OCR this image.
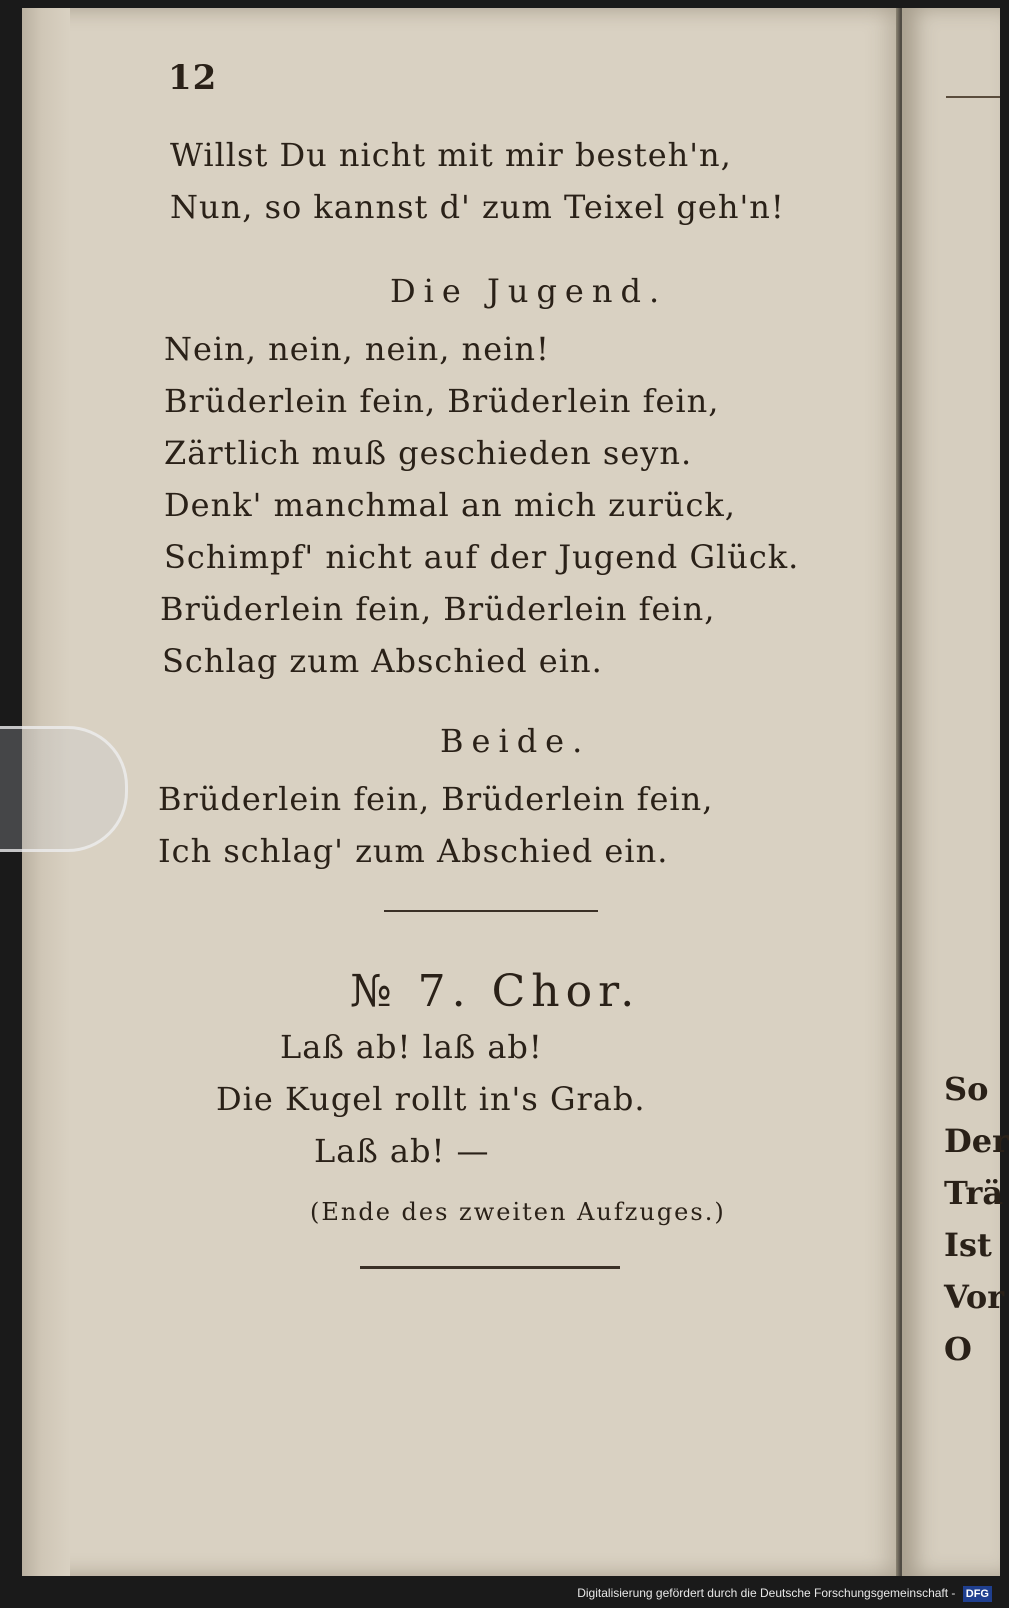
12
Willst Du nicht mit mir besteh'n,
Nun, so kannst d' zum Teixel geh'n!
Die Jugend.
Nein, nein, nein, nein!
Brüderlein fein, Brüderlein fein,
Zärtlich muß geschieden seyn.
Denk' manchmal an mich zurück,
Schimpf' nicht auf der Jugend Glück.
Brüderlein fein, Brüderlein fein,
Schlag zum Abschied ein.
Beide.
Brüderlein fein, Brüderlein fein,
Ich schlag' zum Abschied ein.
№ 7. Chor.
Laß ab! laß ab!
Die Kugel rollt in's Grab.
Laß ab! —
(Ende des zweiten Aufzuges.)
So
Der
Trä
Ist
Vor
O
Digitalisierung gefördert durch die Deutsche Forschungsgemeinschaft - DFG
